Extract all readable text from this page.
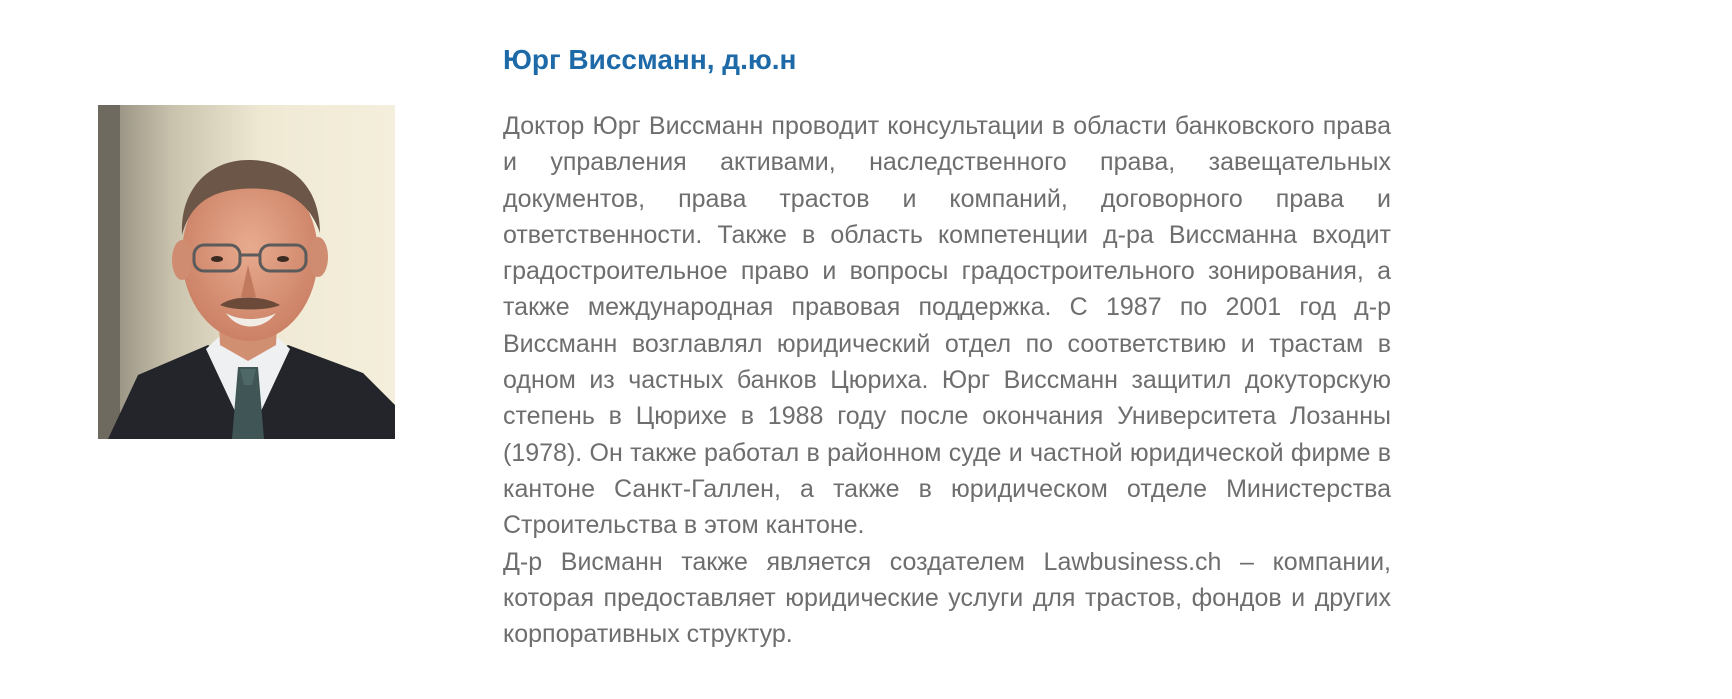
Юрг Виссманн, д.ю.н

Доктор Юрг Виссманн проводит консультации в области банковского права и управления активами, наследственного права, завещательных документов, права трастов и компаний, договорного права и ответственности. Также в область компетенции д-ра Виссманна входит градостроительное право и вопросы градостроительного зонирования, а также международная правовая поддержка. С 1987 по 2001 год д-р Виссманн возглавлял юридический отдел по соответствию и трастам в одном из частных банков Цюриха. Юрг Виссманн защитил докуторскую степень в Цюрихе в 1988 году после окончания Университета Лозанны (1978). Он также работал в районном суде и частной юридической фирме в кантоне Санкт-Галлен, а также в юридическом отделе Министерства Строительства в этом кантоне.

Д-р Висманн также является создателем Lawbusiness.ch – компании, которая предоставляет юридические услуги для трастов, фондов и других корпоративных структур.
